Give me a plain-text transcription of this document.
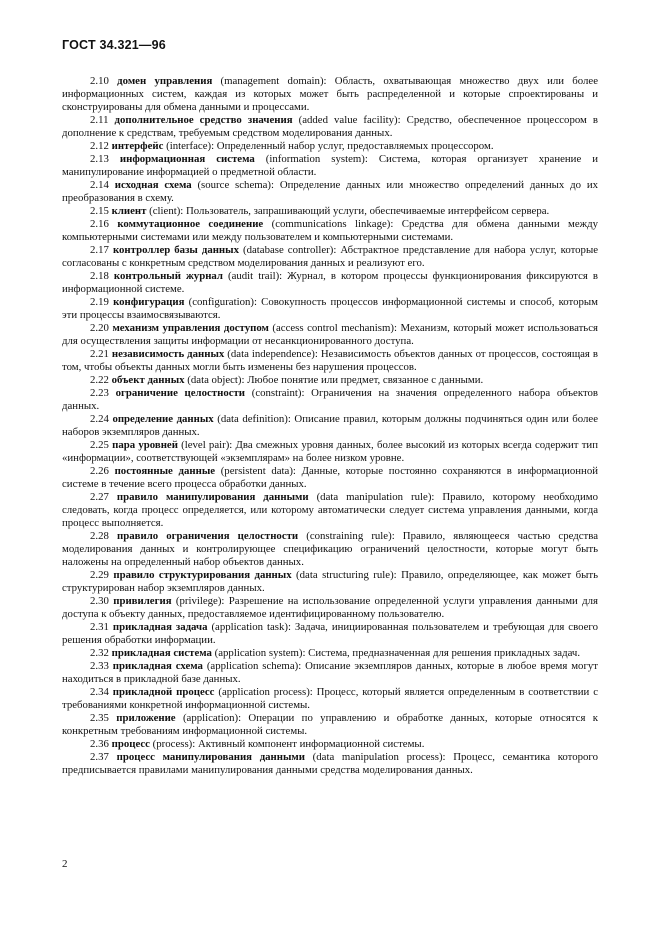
ГОСТ 34.321—96

2.10 домен управления (management domain): Область, охватывающая множество двух или более информационных систем, каждая из которых может быть распределенной и которые спроектированы и сконструированы для обмена данными и процессами.

2.11 дополнительное средство значения (added value facility): Средство, обеспеченное процессором в дополнение к средствам, требуемым средством моделирования данных.

2.12 интерфейс (interface): Определенный набор услуг, предоставляемых процессором.

2.13 информационная система (information system): Система, которая организует хранение и манипулирование информацией о предметной области.

2.14 исходная схема (source schema): Определение данных или множество определений данных до их преобразования в схему.

2.15 клиент (client): Пользователь, запрашивающий услуги, обеспечиваемые интерфейсом сервера.

2.16 коммутационное соединение (communications linkage): Средства для обмена данными между компьютерными системами или между пользователем и компьютерными системами.

2.17 контроллер базы данных (database controller): Абстрактное представление для набора услуг, которые согласованы с конкретным средством моделирования данных и реализуют его.

2.18 контрольный журнал (audit trail): Журнал, в котором процессы функционирования фиксируются в информационной системе.

2.19 конфигурация (configuration): Совокупность процессов информационной системы и способ, которым эти процессы взаимосвязываются.

2.20 механизм управления доступом (access control mechanism): Механизм, который может использоваться для осуществления защиты информации от несанкционированного доступа.

2.21 независимость данных (data independence): Независимость объектов данных от процессов, состоящая в том, чтобы объекты данных могли быть изменены без нарушения процессов.

2.22 объект данных (data object): Любое понятие или предмет, связанное с данными.

2.23 ограничение целостности (constraint): Ограничения на значения определенного набора объектов данных.

2.24 определение данных (data definition): Описание правил, которым должны подчиняться один или более наборов экземпляров данных.

2.25 пара уровней (level pair): Два смежных уровня данных, более высокий из которых всегда содержит тип «информации», соответствующей «экземплярам» на более низком уровне.

2.26 постоянные данные (persistent data): Данные, которые постоянно сохраняются в информационной системе в течение всего процесса обработки данных.

2.27 правило манипулирования данными (data manipulation rule): Правило, которому необходимо следовать, когда процесс определяется, или которому автоматически следует система управления данными, когда процесс выполняется.

2.28 правило ограничения целостности (constraining rule): Правило, являющееся частью средства моделирования данных и контролирующее спецификацию ограничений целостности, которые могут быть наложены на определенный набор объектов данных.

2.29 правило структурирования данных (data structuring rule): Правило, определяющее, как может быть структурирован набор экземпляров данных.

2.30 привилегия (privilege): Разрешение на использование определенной услуги управления данными для доступа к объекту данных, предоставляемое идентифицированному пользователю.

2.31 прикладная задача (application task): Задача, инициированная пользователем и требующая для своего решения обработки информации.

2.32 прикладная система (application system): Система, предназначенная для решения прикладных задач.

2.33 прикладная схема (application schema): Описание экземпляров данных, которые в любое время могут находиться в прикладной базе данных.

2.34 прикладной процесс (application process): Процесс, который является определенным в соответствии с требованиями конкретной информационной системы.

2.35 приложение (application): Операции по управлению и обработке данных, которые относятся к конкретным требованиям информационной системы.

2.36 процесс (process): Активный компонент информационной системы.

2.37 процесс манипулирования данными (data manipulation process): Процесс, семантика которого предписывается правилами манипулирования данными средства моделирования данных.

2
